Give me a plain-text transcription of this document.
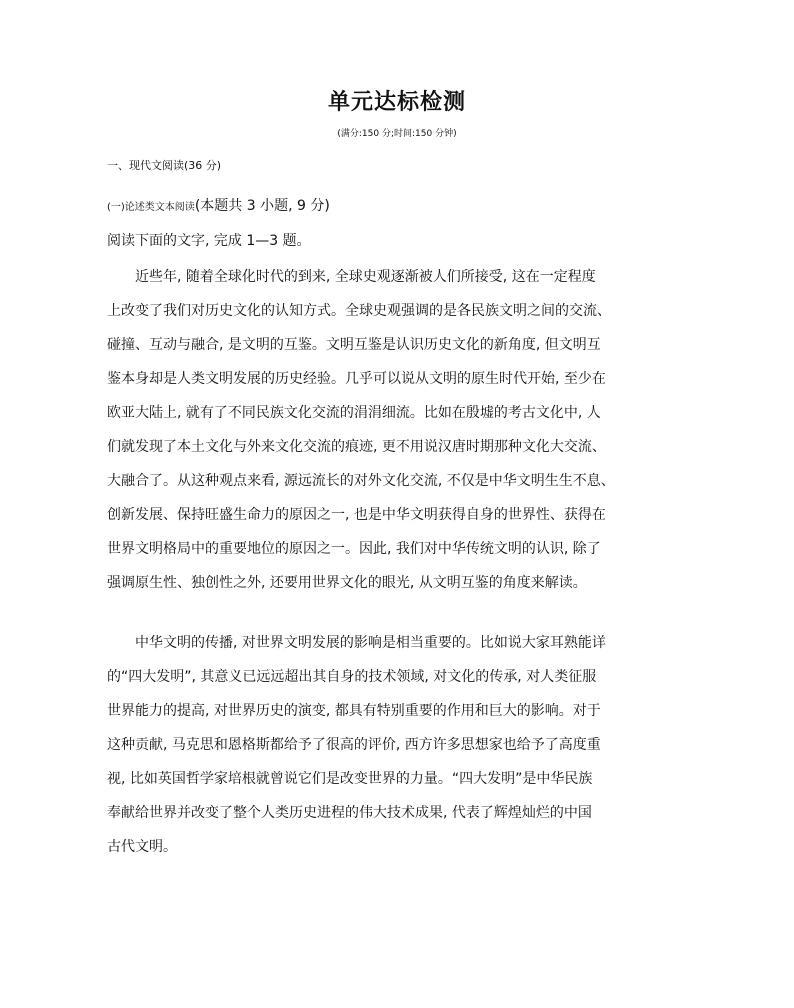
单元达标检测
(满分:150 分;时间:150 分钟)
一、现代文阅读(36 分)
(一)论述类文本阅读(本题共 3 小题, 9 分)
阅读下面的文字, 完成 1—3 题。
近些年, 随着全球化时代的到来, 全球史观逐渐被人们所接受, 这在一定程度
上改变了我们对历史文化的认知方式。全球史观强调的是各民族文明之间的交流、
碰撞、互动与融合, 是文明的互鉴。文明互鉴是认识历史文化的新角度, 但文明互
鉴本身却是人类文明发展的历史经验。几乎可以说从文明的原生时代开始, 至少在
欧亚大陆上, 就有了不同民族文化交流的涓涓细流。比如在殷墟的考古文化中, 人
们就发现了本土文化与外来文化交流的痕迹, 更不用说汉唐时期那种文化大交流、
大融合了。从这种观点来看, 源远流长的对外文化交流, 不仅是中华文明生生不息、
创新发展、保持旺盛生命力的原因之一, 也是中华文明获得自身的世界性、获得在
世界文明格局中的重要地位的原因之一。因此, 我们对中华传统文明的认识, 除了
强调原生性、独创性之外, 还要用世界文化的眼光, 从文明互鉴的角度来解读。
中华文明的传播, 对世界文明发展的影响是相当重要的。比如说大家耳熟能详
的“四大发明”, 其意义已远远超出其自身的技术领域, 对文化的传承, 对人类征服
世界能力的提高, 对世界历史的演变, 都具有特别重要的作用和巨大的影响。对于
这种贡献, 马克思和恩格斯都给予了很高的评价, 西方许多思想家也给予了高度重
视, 比如英国哲学家培根就曾说它们是改变世界的力量。“四大发明”是中华民族
奉献给世界并改变了整个人类历史进程的伟大技术成果, 代表了辉煌灿烂的中国
古代文明。
